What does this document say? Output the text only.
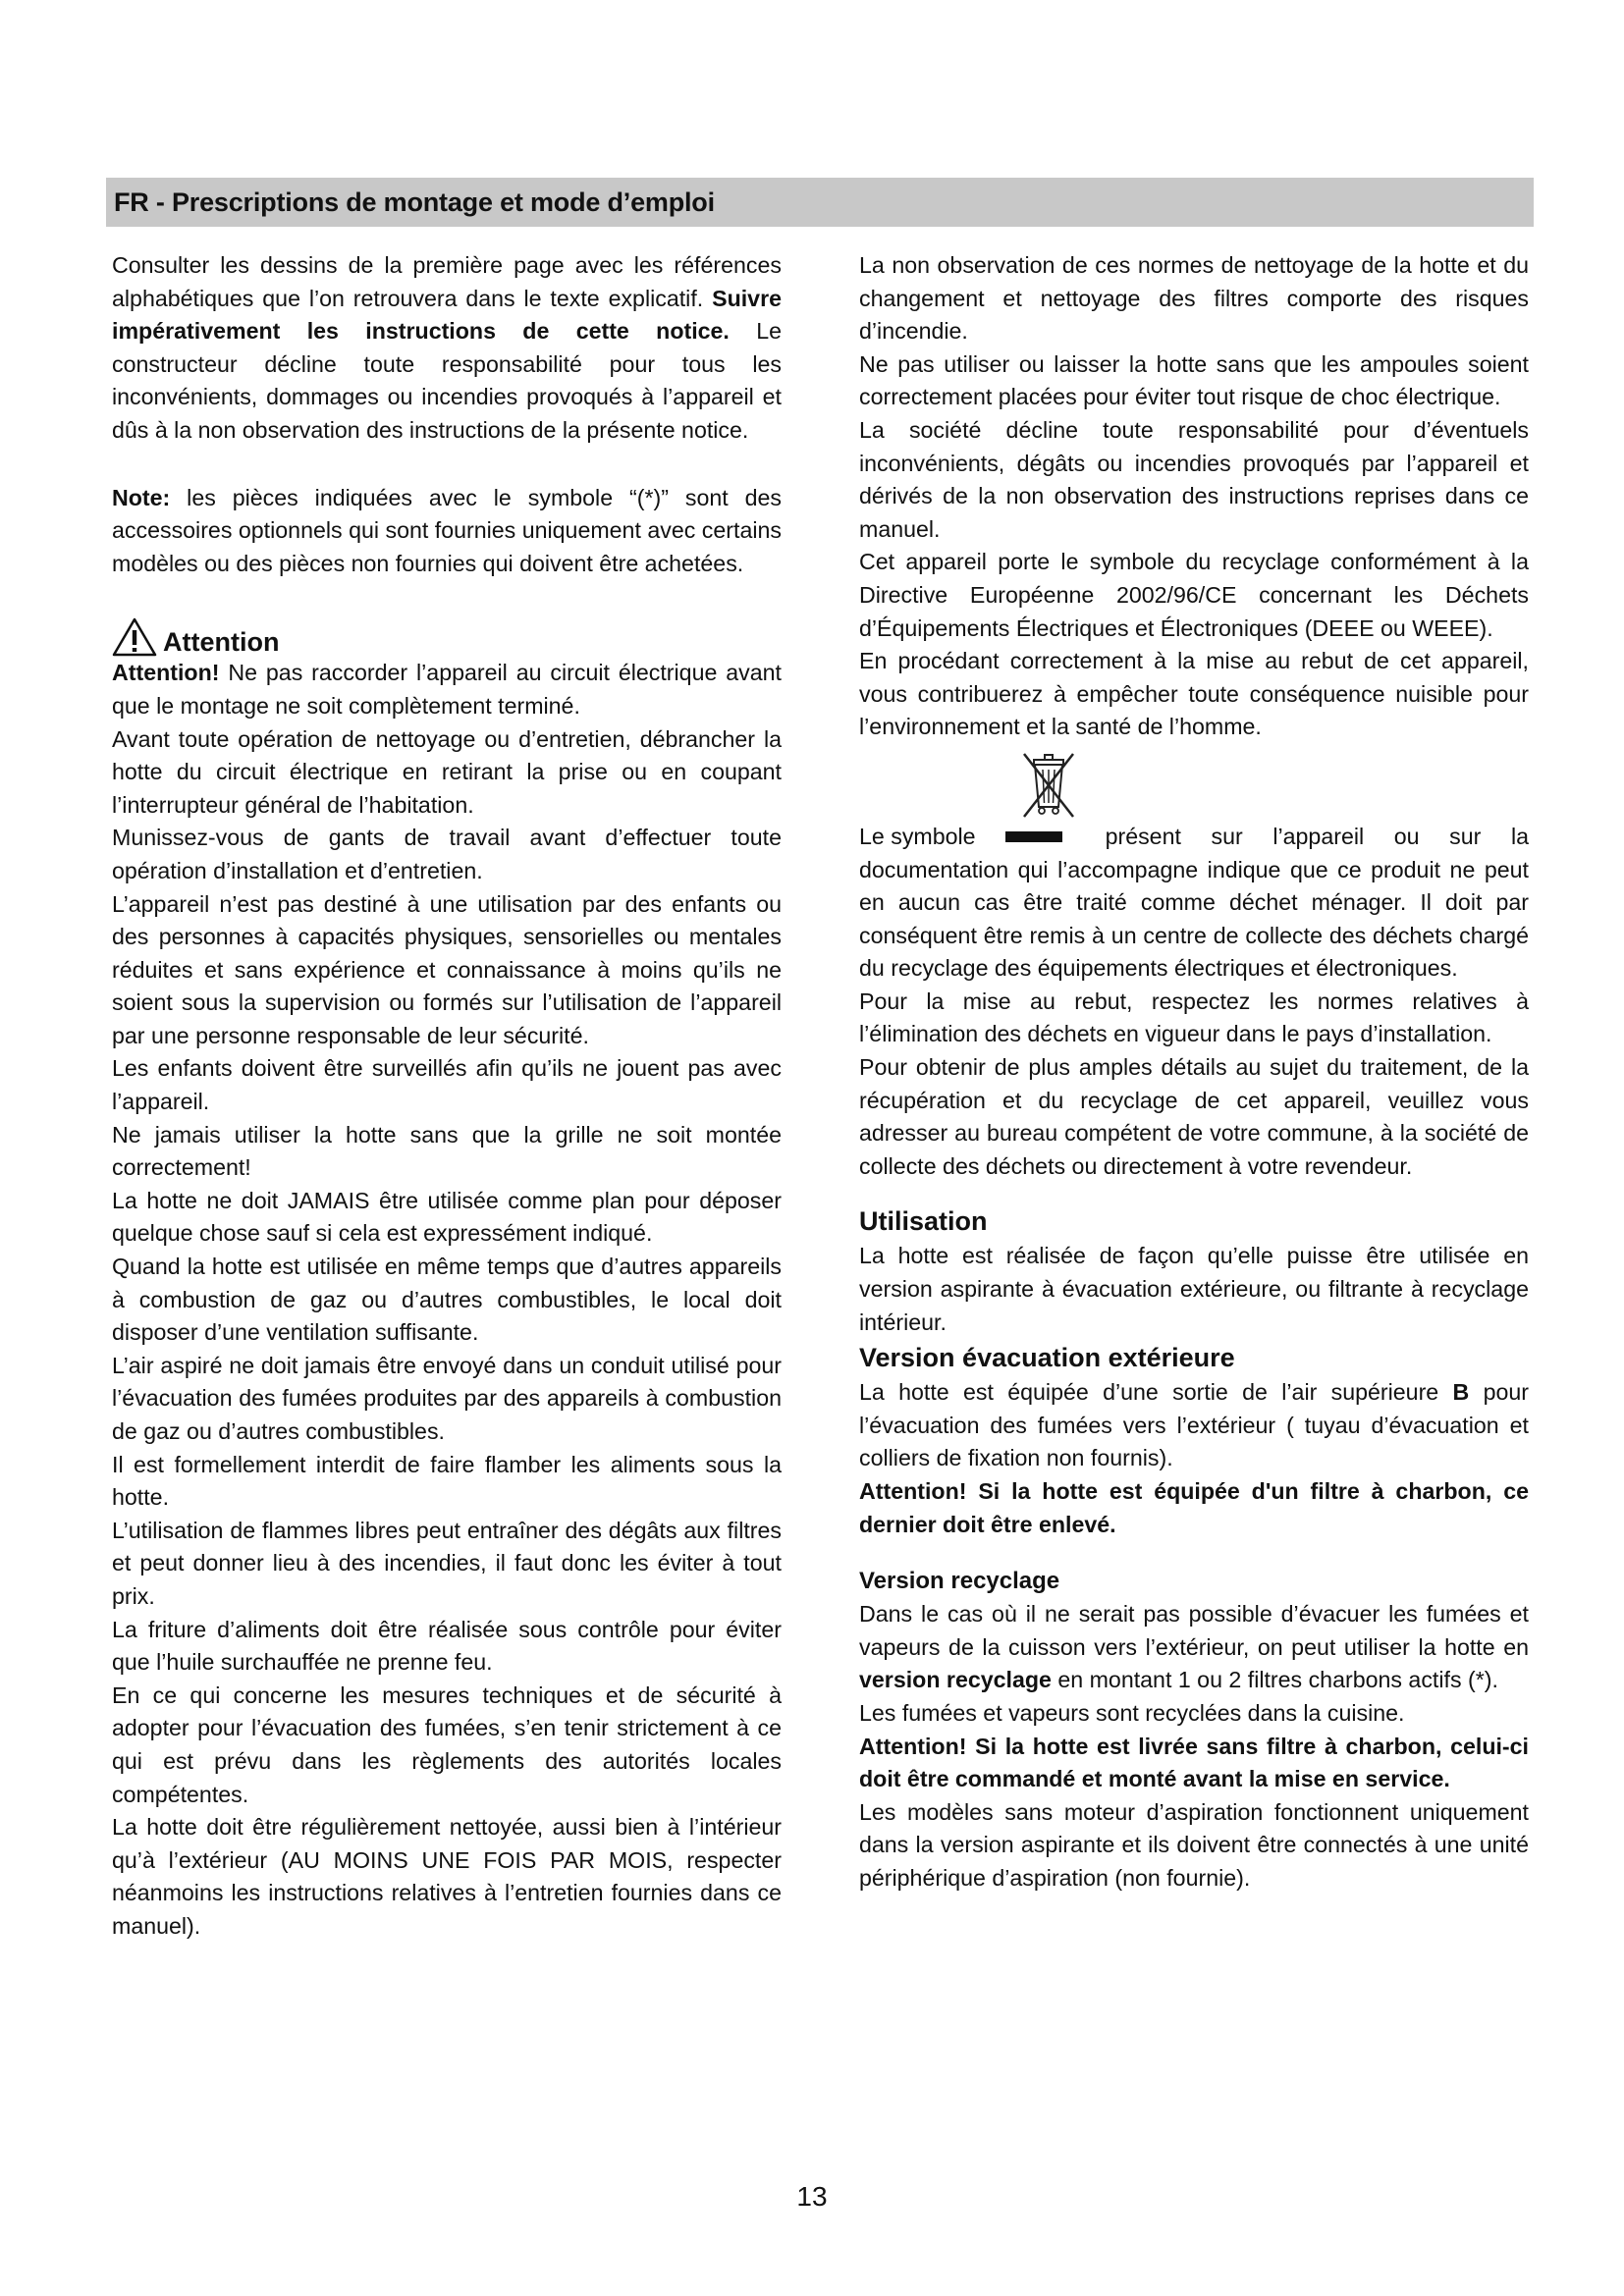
FR - Prescriptions de montage et mode d’emploi

Consulter les dessins de la première page avec les références alphabétiques que l’on retrouvera dans le texte explicatif. Suivre impérativement les instructions de cette notice. Le constructeur décline toute responsabilité pour tous les inconvénients, dommages ou incendies provoqués à l’appareil et dûs à la non observation des instructions de la présente notice.

Note: les pièces indiquées avec le symbole “(*)” sont des accessoires optionnels qui sont fournies uniquement avec certains modèles ou des pièces non fournies qui doivent être achetées.

Attention

Attention! Ne pas raccorder l’appareil au circuit électrique avant que le montage ne soit complètement terminé.

Avant toute opération de nettoyage ou d’entretien, débrancher la hotte du circuit électrique en retirant la prise ou en coupant l’interrupteur général de l’habitation.

Munissez-vous de gants de travail avant d’effectuer toute opération d’installation et d’entretien.

L’appareil n’est pas destiné à une utilisation par des enfants ou des personnes à capacités physiques, sensorielles ou mentales réduites et sans expérience et connaissance à moins qu’ils ne soient sous la supervision ou formés sur l’utilisation de l’appareil par une personne responsable de leur sécurité.

Les enfants doivent être surveillés afin qu’ils ne jouent pas avec l’appareil.

Ne jamais utiliser la hotte sans que la grille ne soit montée correctement!

La hotte ne doit JAMAIS être utilisée comme plan pour déposer quelque chose sauf si cela est expressément indiqué.

Quand la hotte est utilisée en même temps que d’autres appareils à combustion de gaz ou d’autres combustibles, le local doit disposer d’une ventilation suffisante.

L’air aspiré ne doit jamais être envoyé dans un conduit utilisé pour l’évacuation des fumées produites par des appareils à combustion de gaz ou d’autres combustibles.

Il est formellement interdit de faire flamber les aliments sous la hotte.

L’utilisation de flammes libres peut entraîner des dégâts aux filtres et peut donner lieu à des incendies, il faut donc les éviter à tout prix.

La friture d’aliments doit être réalisée sous contrôle pour éviter que l’huile surchauffée ne prenne feu.

En ce qui concerne les mesures techniques et de sécurité à adopter pour l’évacuation des fumées, s’en tenir strictement à ce qui est prévu dans les règlements des autorités locales compétentes.

La hotte doit être régulièrement nettoyée, aussi bien à l’intérieur qu’à l’extérieur (AU MOINS UNE FOIS PAR MOIS, respecter néanmoins les instructions relatives à l’entretien fournies dans ce manuel).

La non observation de ces normes de nettoyage de la hotte et du changement et nettoyage des filtres comporte des risques d’incendie.

Ne pas utiliser ou laisser la hotte sans que les ampoules soient correctement placées pour éviter tout risque de choc électrique.

La société décline toute responsabilité pour d’éventuels inconvénients, dégâts ou incendies provoqués par l’appareil et dérivés de la non observation des instructions reprises dans ce manuel.

Cet appareil porte le symbole du recyclage conformément à la Directive Européenne 2002/96/CE concernant les Déchets d’Équipements Électriques et Électroniques (DEEE ou WEEE).

En procédant correctement à la mise au rebut de cet appareil, vous contribuerez à empêcher toute conséquence nuisible pour l’environnement et la santé de l’homme.

Le symbole	présent sur l’appareil ou sur la
documentation qui l’accompagne indique que ce produit ne peut en aucun cas être traité comme déchet ménager. Il doit par conséquent être remis à un centre de collecte des déchets chargé du recyclage des équipements électriques et électroniques.

Pour la mise au rebut, respectez les normes relatives à l’élimination des déchets en vigueur dans le pays d’installation.

Pour obtenir de plus amples détails au sujet du traitement, de la récupération et du recyclage de cet appareil, veuillez vous adresser au bureau compétent de votre commune, à la société de collecte des déchets ou directement à votre revendeur.

Utilisation

La hotte est réalisée de façon qu’elle puisse être utilisée en version aspirante à évacuation extérieure, ou filtrante à recyclage intérieur.

Version évacuation extérieure

La hotte est équipée d’une sortie de l’air supérieure B pour l’évacuation des fumées vers l’extérieur ( tuyau d’évacuation et colliers de fixation non fournis).

Attention! Si la hotte est équipée d'un filtre à charbon, ce dernier doit être enlevé.

Version recyclage

Dans le cas où il ne serait pas possible d’évacuer les fumées et vapeurs de la cuisson vers l’extérieur, on peut utiliser la hotte en version recyclage en montant 1 ou 2 filtres charbons actifs (*).

Les fumées et vapeurs sont recyclées dans la cuisine.

Attention! Si la hotte est livrée sans filtre à charbon, celui-ci doit être commandé et monté avant la mise en service.

Les modèles sans moteur d’aspiration fonctionnent uniquement dans la version aspirante et ils doivent être connectés à une unité périphérique d’aspiration (non fournie).

13
